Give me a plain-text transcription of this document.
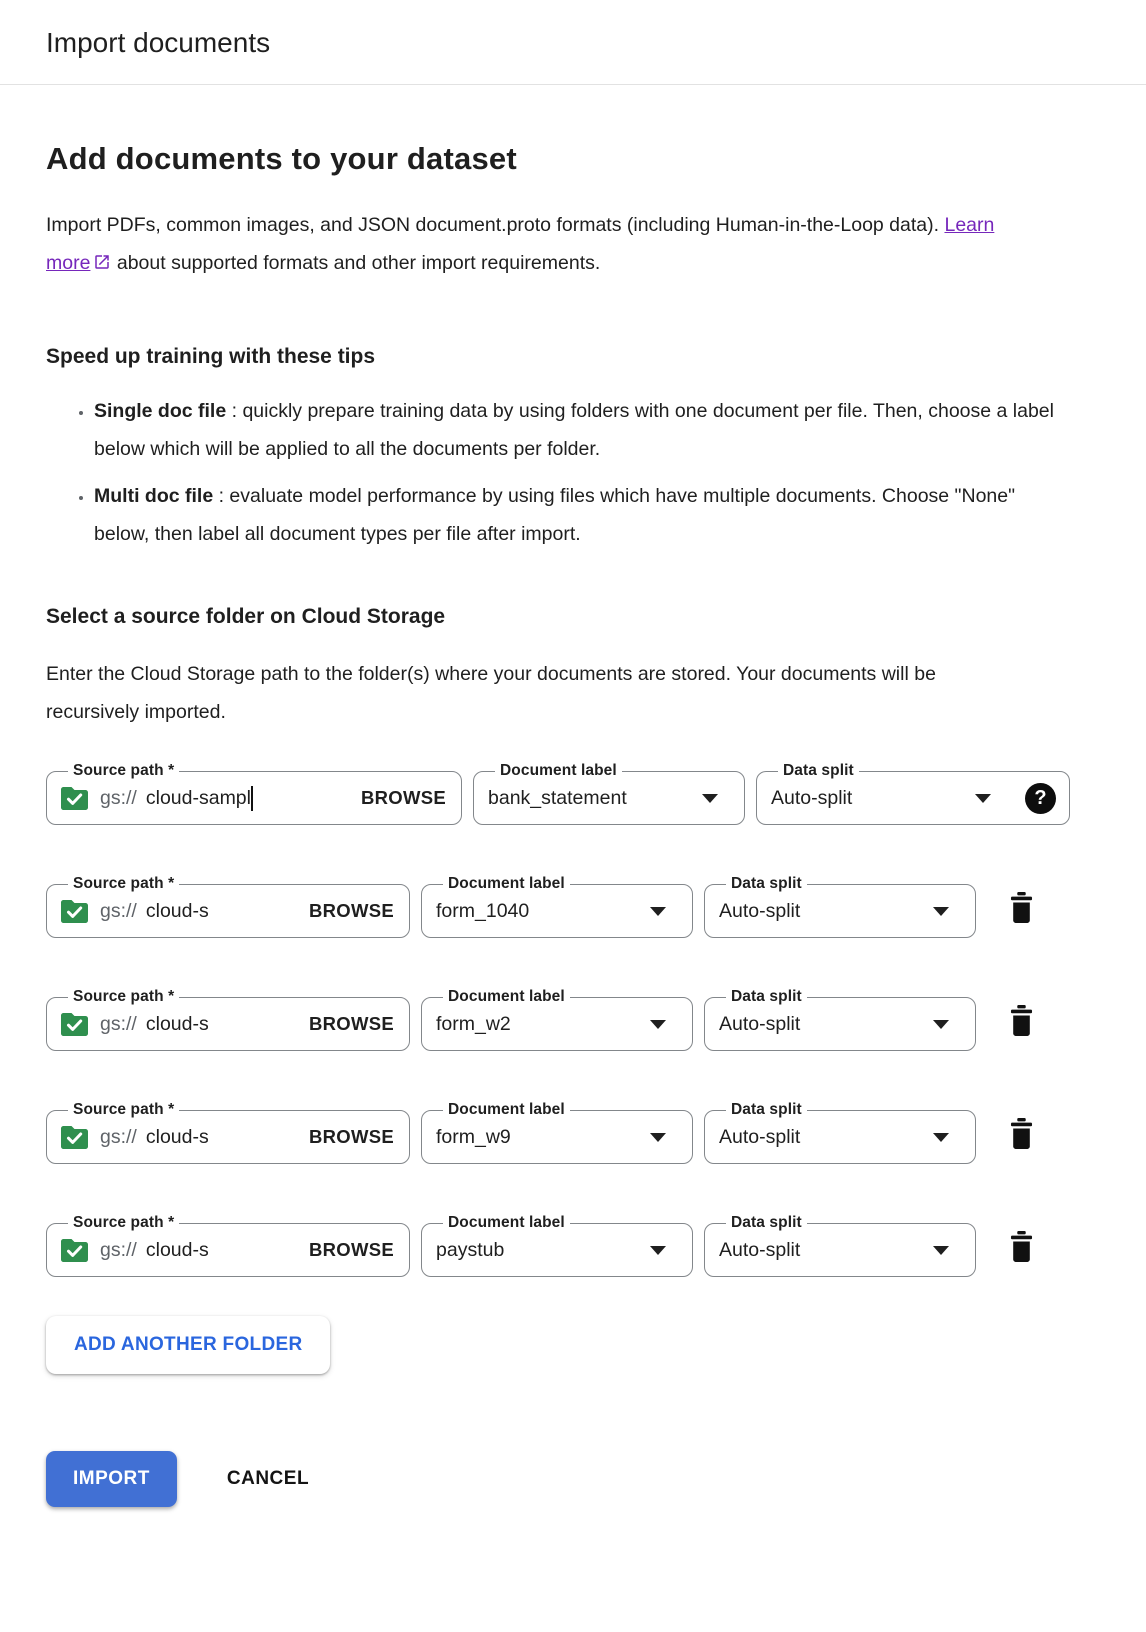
Import documents
Add documents to your dataset

Import PDFs, common images, and JSON document.proto formats (including Human-in-the-Loop data). Learn more about supported formats and other import requirements.

Speed up training with these tips
• Single doc file : quickly prepare training data by using folders with one document per file. Then, choose a label below which will be applied to all the documents per folder.
• Multi doc file : evaluate model performance by using files which have multiple documents. Choose "None" below, then label all document types per file after import.
Select a source folder on Cloud Storage

Enter the Cloud Storage path to the folder(s) where your documents are stored. Your documents will be recursively imported.

Source path *
gs:// cloud-sampl	BROWSE
Document label
bank_statement
Data split
Auto-split	?
Source path *
gs:// cloud-s	BROWSE
Document label
form_1040
Data split
Auto-split
Source path *
gs:// cloud-s	BROWSE
Document label
form_w2
Data split
Auto-split
Source path *
gs:// cloud-s	BROWSE
Document label
form_w9
Data split
Auto-split
Source path *
gs:// cloud-s	BROWSE
Document label
paystub
Data split
Auto-split
ADD ANOTHER FOLDER
IMPORT	CANCEL
